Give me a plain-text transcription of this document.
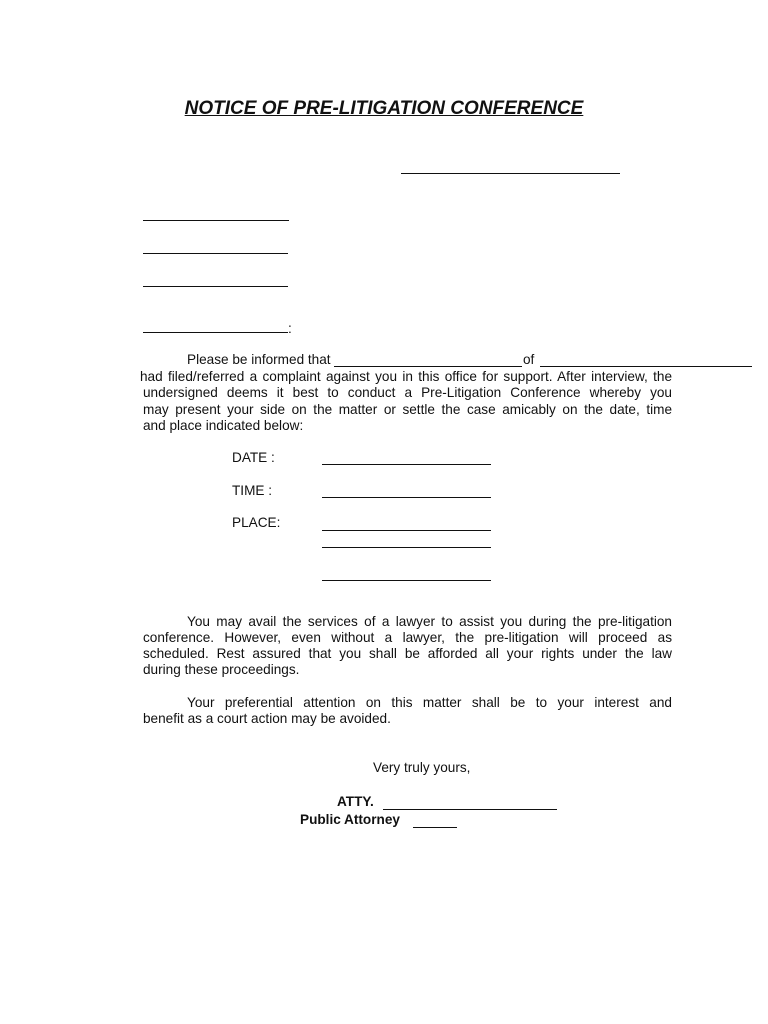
NOTICE OF PRE-LITIGATION CONFERENCE
:
Please be informed that	of
had filed/referred a complaint against you in this office for support. After interview, the
undersigned deems it best to conduct a Pre-Litigation Conference whereby you
may present your side on the matter or settle the case amicably on the date, time
and place indicated below:
DATE :
TIME :
PLACE:
You may avail the services of a lawyer to assist you during the pre-litigation
conference. However, even without a lawyer, the pre-litigation will proceed as
scheduled. Rest assured that you shall be afforded all your rights under the law
during these proceedings.
Your preferential attention on this matter shall be to your interest and
benefit as a court action may be avoided.
Very truly yours,
ATTY.
Public Attorney
